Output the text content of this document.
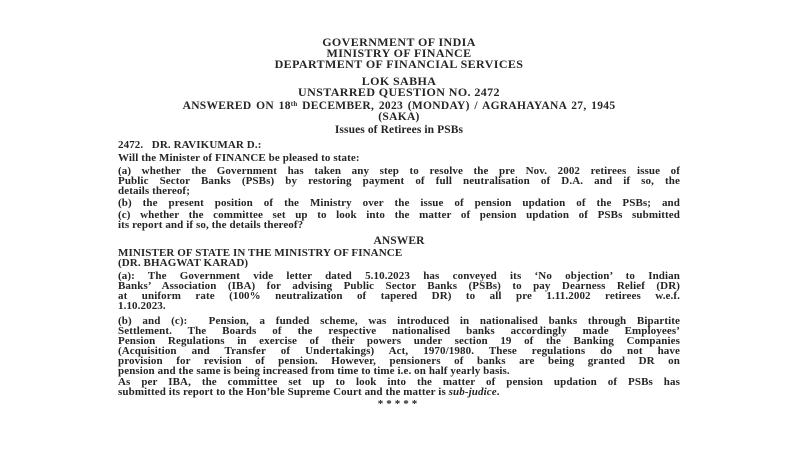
GOVERNMENT OF INDIA
MINISTRY OF FINANCE
DEPARTMENT OF FINANCIAL SERVICES
LOK SABHA
UNSTARRED QUESTION NO. 2472
ANSWERED ON 18th DECEMBER, 2023 (MONDAY) / AGRAHAYANA 27, 1945
(SAKA)
Issues of Retirees in PSBs
2472.   DR. RAVIKUMAR D.:
Will the Minister of FINANCE be pleased to state:
(a) whether the Government has taken any step to resolve the pre Nov. 2002 retirees issue of
Public Sector Banks (PSBs) by restoring payment of full neutralisation of D.A. and if so, the
details thereof;
(b) the present position of the Ministry over the issue of pension updation of the PSBs; and
(c) whether the committee set up to look into the matter of pension updation of PSBs submitted
its report and if so, the details thereof?
ANSWER
MINISTER OF STATE IN THE MINISTRY OF FINANCE
(DR. BHAGWAT KARAD)
(a): The Government vide letter dated 5.10.2023 has conveyed its ‘No objection’ to Indian
Banks’ Association (IBA) for advising Public Sector Banks (PSBs) to pay Dearness Relief (DR)
at uniform rate (100% neutralization of tapered DR) to all pre 1.11.2002 retirees w.e.f.
1.10.2023.
(b) and (c):  Pension, a funded scheme, was introduced in nationalised banks through Bipartite
Settlement. The Boards of the respective nationalised banks accordingly made Employees’
Pension Regulations in exercise of their powers under section 19 of the Banking Companies
(Acquisition and Transfer of Undertakings) Act, 1970/1980. These regulations do not have
provision for revision of pension. However, pensioners of banks are being granted DR on
pension and the same is being increased from time to time i.e. on half yearly basis.
As per IBA, the committee set up to look into the matter of pension updation of PSBs has
submitted its report to the Hon’ble Supreme Court and the matter is sub-judice.
*****
